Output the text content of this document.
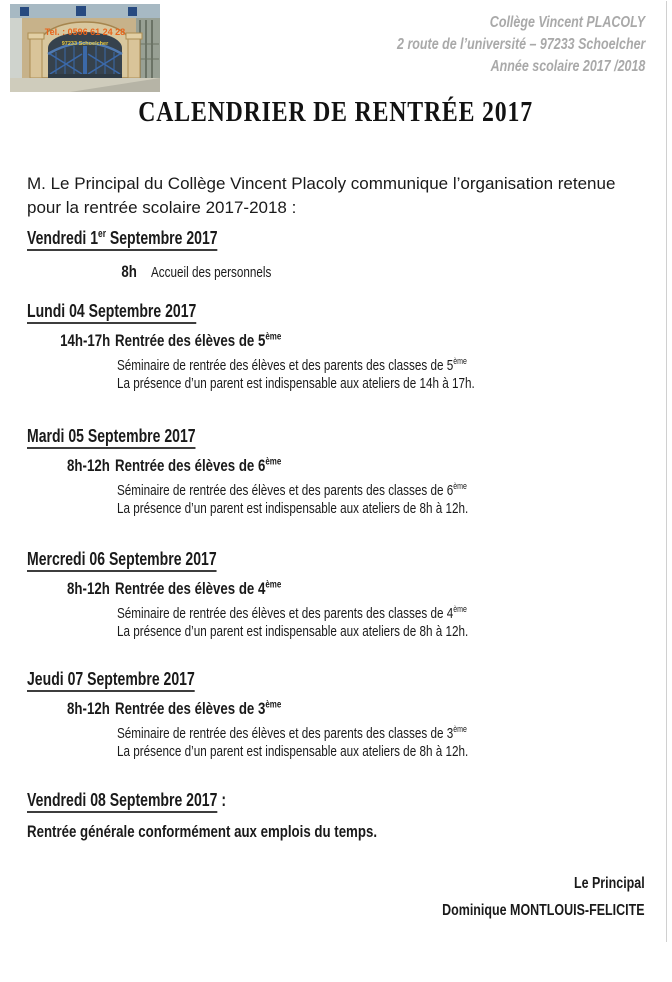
Tel. : 0596 61 24 28
97233 Schoelcher
Collège Vincent PLACOLY
2 route de l’université – 97233 Schoelcher
Année scolaire 2017 /2018
CALENDRIER DE RENTRÉE 2017

M. Le Principal du Collège Vincent Placoly communique l’organisation retenue pour la rentrée scolaire 2017-2018 :

Vendredi 1er Septembre 2017
8h Accueil des personnels
Lundi 04 Septembre 2017
14h-17h Rentrée des élèves de 5ème
Séminaire de rentrée des élèves et des parents des classes de 5ème
La présence d’un parent est indispensable aux ateliers de 14h à 17h.
Mardi 05 Septembre 2017
8h-12h Rentrée des élèves de 6ème
Séminaire de rentrée des élèves et des parents des classes de 6ème
La présence d’un parent est indispensable aux ateliers de 8h à 12h.
Mercredi 06 Septembre 2017
8h-12h Rentrée des élèves de 4ème
Séminaire de rentrée des élèves et des parents des classes de 4ème
La présence d’un parent est indispensable aux ateliers de 8h à 12h.
Jeudi 07 Septembre 2017
8h-12h Rentrée des élèves de 3ème
Séminaire de rentrée des élèves et des parents des classes de 3ème
La présence d’un parent est indispensable aux ateliers de 8h à 12h.
Vendredi 08 Septembre 2017 :
Rentrée générale conformément aux emplois du temps.
Le Principal
Dominique MONTLOUIS-FELICITE
